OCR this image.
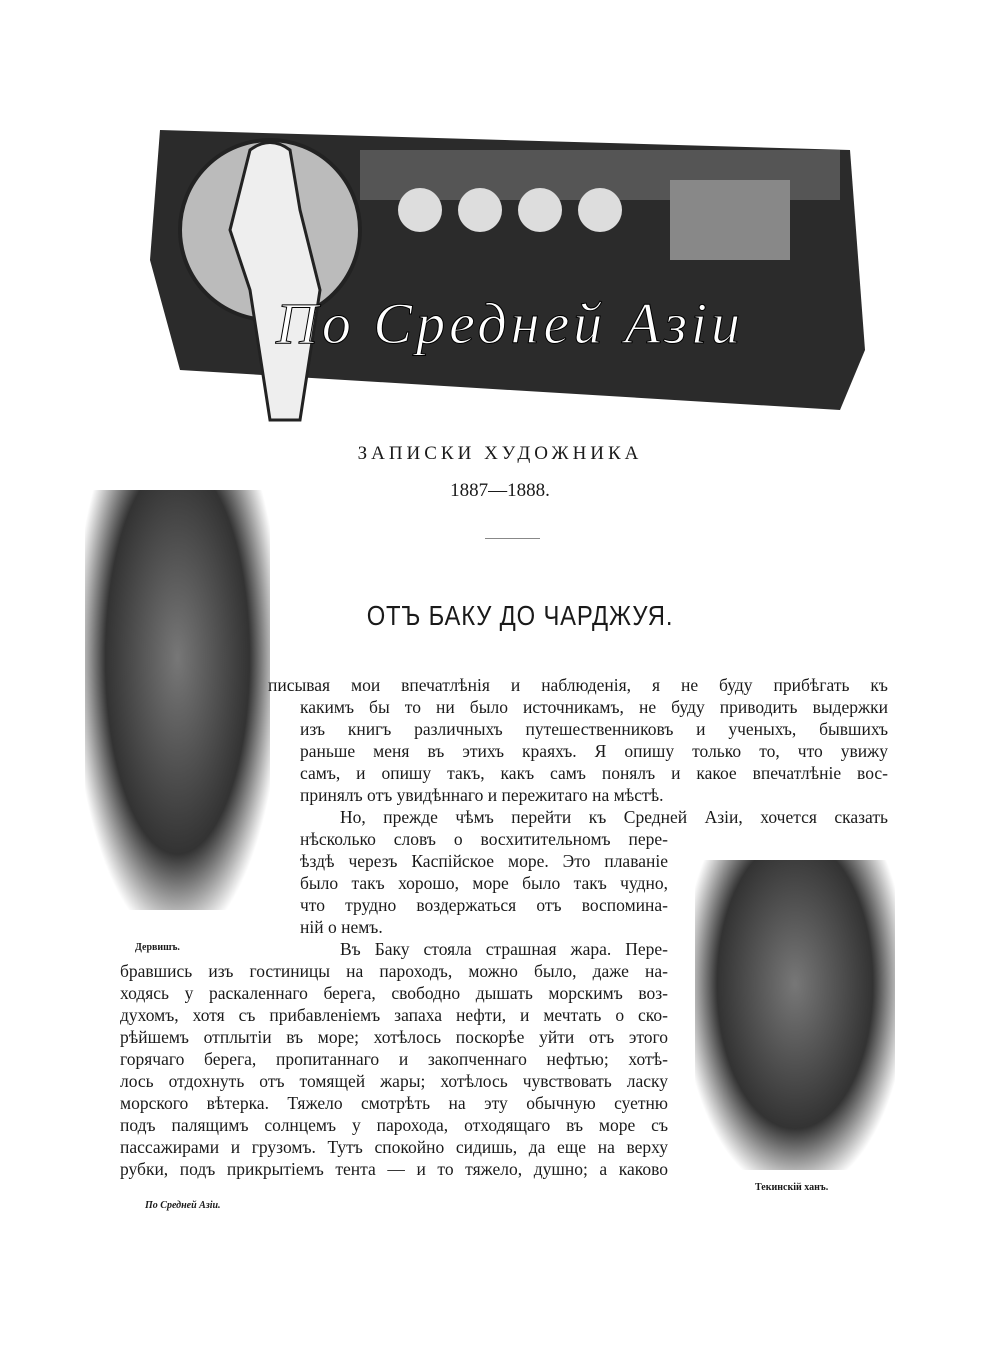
По Средней Азіи
ЗАПИСКИ ХУДОЖНИКА
1887—1888.
ОТЪ БАКУ ДО ЧАРДЖУЯ.
Дервишъ.
Текинскій ханъ.
По Средней Азіи.
писывая мои впечатлѣнія и наблюденія, я не буду прибѣгать къ
какимъ бы то ни было источникамъ, не буду приводить выдержки
изъ книгъ различныхъ путешественниковъ и ученыхъ, бывшихъ
раньше меня въ этихъ краяхъ. Я опишу только то, что увижу
самъ, и опишу такъ, какъ самъ понялъ и какое впечатлѣніе вос-
принялъ отъ увидѣннаго и пережитаго на мѣстѣ.
Но, прежде чѣмъ перейти къ Средней Азіи, хочется сказать
нѣсколько словъ о восхитительномъ пере-
ѣздѣ черезъ Каспійское море. Это плаваніе
было такъ хорошо, море было такъ чудно,
что трудно воздержаться отъ воспомина-
ній о немъ.
Въ Баку стояла страшная жара. Пере-
бравшись изъ гостиницы на пароходъ, можно было, даже на-
ходясь у раскаленнаго берега, свободно дышать морскимъ воз-
духомъ, хотя съ прибавленіемъ запаха нефти, и мечтать о ско-
рѣйшемъ отплытіи въ море; хотѣлось поскорѣе уйти отъ этого
горячаго берега, пропитаннаго и закопченнаго нефтью; хотѣ-
лось отдохнуть отъ томящей жары; хотѣлось чувствовать ласку
морского вѣтерка. Тяжело смотрѣть на эту обычную суетню
подъ палящимъ солнцемъ у парохода, отходящаго въ море съ
пассажирами и грузомъ. Тутъ спокойно сидишь, да еще на верху
рубки, подъ прикрытіемъ тента — и то тяжело, душно; а каково
